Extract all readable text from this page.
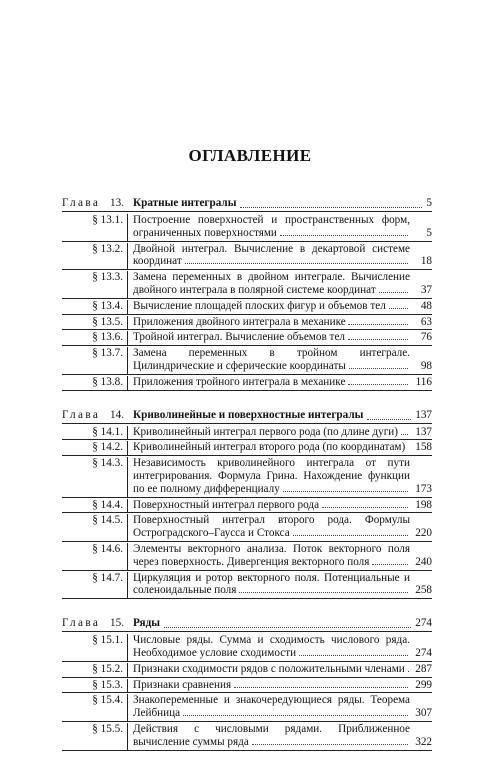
ОГЛАВЛЕНИЕ
Глава 13. Кратные интегралы	5
§ 13.1. Построение поверхностей и пространственных форм, ограниченных поверхностями	5
§ 13.2. Двойной интеграл. Вычисление в декартовой системе координат	18
§ 13.3. Замена переменных в двойном интеграле. Вычисление двойного интеграла в полярной системе координат	37
§ 13.4. Вычисление площадей плоских фигур и объемов тел	48
§ 13.5. Приложения двойного интеграла в механике	63
§ 13.6. Тройной интеграл. Вычисление объемов тел	76
§ 13.7. Замена переменных в тройном интеграле. Цилиндрические и сферические координаты	98
§ 13.8. Приложения тройного интеграла в механике	116
Глава 14. Криволинейные и поверхностные интегралы	137
§ 14.1. Криволинейный интеграл первого рода (по длине дуги)	137
§ 14.2. Криволинейный интеграл второго рода (по координатам) 158
§ 14.3. Независимость криволинейного интеграла от пути интегрирования. Формула Грина. Нахождение функции по ее полному дифференциалу	173
§ 14.4. Поверхностный интеграл первого рода	198
§ 14.5. Поверхностный интеграл второго рода. Формулы Остроградского–Гаусса и Стокса	220
§ 14.6. Элементы векторного анализа. Поток векторного поля через поверхность. Дивергенция векторного поля	240
§ 14.7. Циркуляция и ротор векторного поля. Потенциальные и соленоидальные поля	258
Глава 15. Ряды	274
§ 15.1. Числовые ряды. Сумма и сходимость числового ряда. Необходимое условие сходимости	274
§ 15.2. Признаки сходимости рядов с положительными членами 287
§ 15.3. Признаки сравнения	299
§ 15.4. Знакопеременные и знакочередующиеся ряды. Теорема Лейбница	307
§ 15.5. Действия с числовыми рядами. Приближенное вычисление суммы ряда	322
